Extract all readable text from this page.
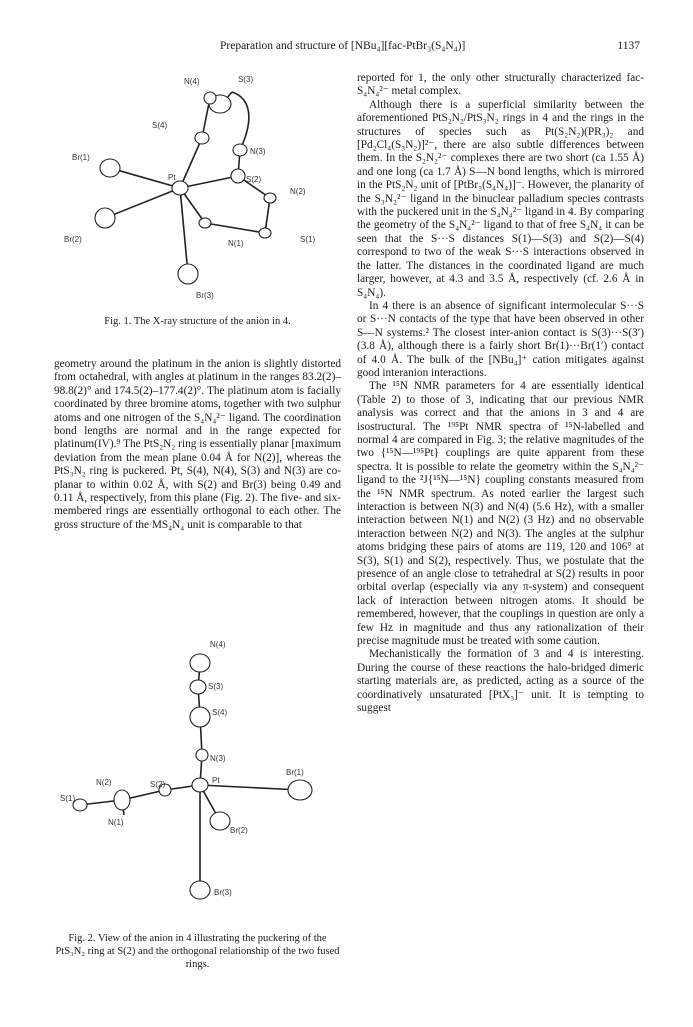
Preparation and structure of [NBu₄][fac-PtBr₃(S₄N₄)]	1137
N(4)	S(3)
S(4)
N(3)
Br(1)
S(2)
Pt
N(2)
N(1)	S(1)
Br(2)
Br(3)
Fig. 1. The X-ray structure of the anion in 4.

geometry around the platinum in the anion is slightly distorted from octahedral, with angles at platinum in the ranges 83.2(2)–98.8(2)° and 174.5(2)–177.4(2)°. The platinum atom is facially coordinated by three bromine atoms, together with two sulphur atoms and one nitrogen of the S₄N₄²⁻ ligand. The coordination bond lengths are normal and in the range expected for platinum(IV).⁹ The PtS₂N₂ ring is essentially planar [maximum deviation from the mean plane 0.04 Å for N(2)], whereas the PtS₃N₂ ring is puckered. Pt, S(4), N(4), S(3) and N(3) are co-planar to within 0.02 Å, with S(2) and Br(3) being 0.49 and 0.11 Å, respectively, from this plane (Fig. 2). The five- and six-membered rings are essentially orthogonal to each other. The gross structure of the MS₄N₄ unit is comparable to that

N(4)
S(3)
S(4)
N(3)
N(2)	S(2)	Pt
Br(1)
S(1)
N(1)
Br(2)
Br(3)
Fig. 2. View of the anion in 4 illustrating the puckering of the PtS₃N₂ ring at S(2) and the orthogonal relationship of the two fused rings.

reported for 1, the only other structurally characterized fac-S₄N₄²⁻ metal complex.

Although there is a superficial similarity between the aforementioned PtS₂N₂/PtS₃N₂ rings in 4 and the rings in the structures of species such as Pt(S₂N₂)(PR₃)₂ and [Pd₂Cl₄(S₃N₂)]²⁻, there are also subtle differences between them. In the S₂N₂²⁻ complexes there are two short (ca 1.55 Å) and one long (ca 1.7 Å) S—N bond lengths, which is mirrored in the PtS₂N₂ unit of [PtBr₃(S₄N₄)]⁻. However, the planarity of the S₃N₂²⁻ ligand in the binuclear palladium species contrasts with the puckered unit in the S₄N₄²⁻ ligand in 4. By comparing the geometry of the S₄N₄²⁻ ligand to that of free S₄N₄ it can be seen that the S···S distances S(1)—S(3) and S(2)—S(4) correspond to two of the weak S···S interactions observed in the latter. The distances in the coordinated ligand are much larger, however, at 4.3 and 3.5 Å, respectively (cf. 2.6 Å in S₄N₄).

In 4 there is an absence of significant intermolecular S···S or S···N contacts of the type that have been observed in other S—N systems.² The closest inter-anion contact is S(3)···S(3′) (3.8 Å), although there is a fairly short Br(1)···Br(1′) contact of 4.0 Å. The bulk of the [NBu₄]⁺ cation mitigates against good interanion interactions.

The ¹⁵N NMR parameters for 4 are essentially identical (Table 2) to those of 3, indicating that our previous NMR analysis was correct and that the anions in 3 and 4 are isostructural. The ¹⁹⁵Pt NMR spectra of ¹⁵N-labelled and normal 4 are compared in Fig. 3; the relative magnitudes of the two {¹⁵N—¹⁹⁵Pt} couplings are quite apparent from these spectra. It is possible to relate the geometry within the S₄N₄²⁻ ligand to the ²J{¹⁵N—¹⁵N} coupling constants measured from the ¹⁵N NMR spectrum. As noted earlier the largest such interaction is between N(3) and N(4) (5.6 Hz), with a smaller interaction between N(1) and N(2) (3 Hz) and no observable interaction between N(2) and N(3). The angles at the sulphur atoms bridging these pairs of atoms are 119, 120 and 106° at S(3), S(1) and S(2), respectively. Thus, we postulate that the presence of an angle close to tetrahedral at S(2) results in poor orbital overlap (especially via any π-system) and consequent lack of interaction between nitrogen atoms. It should be remembered, however, that the couplings in question are only a few Hz in magnitude and thus any rationalization of their precise magnitude must be treated with some caution.

Mechanistically the formation of 3 and 4 is interesting. During the course of these reactions the halo-bridged dimeric starting materials are, as predicted, acting as a source of the coordinatively unsaturated [PtX₃]⁻ unit. It is tempting to suggest
